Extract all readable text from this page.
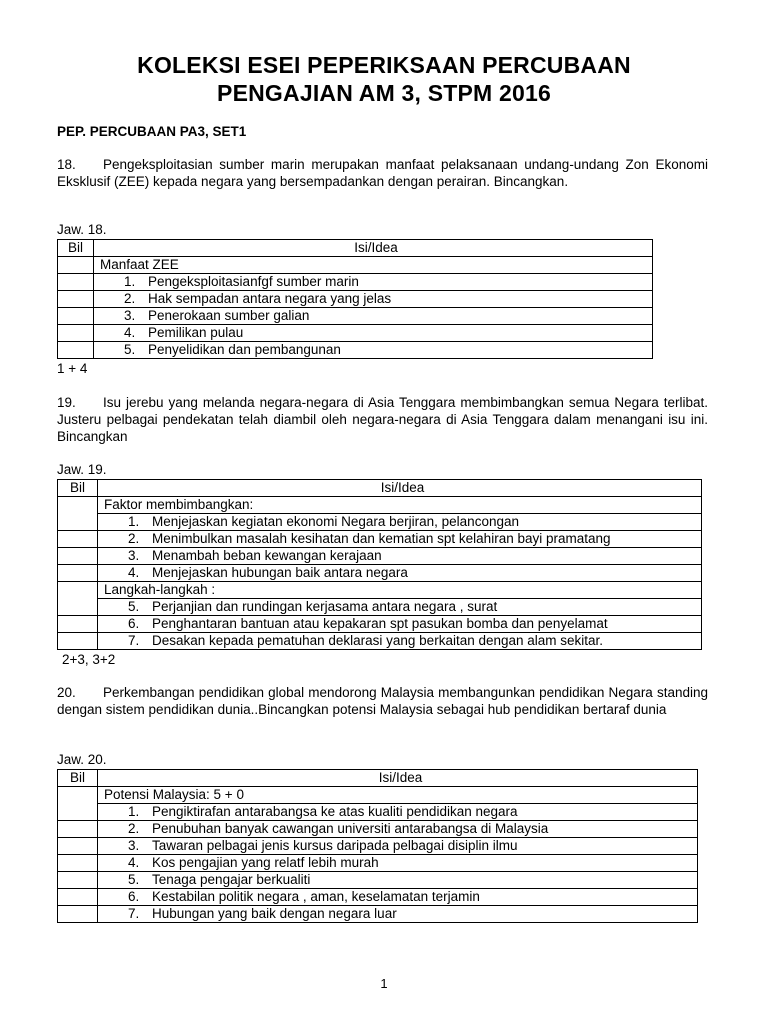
KOLEKSI ESEI PEPERIKSAAN PERCUBAAN
PENGAJIAN AM 3, STPM 2016
PEP. PERCUBAAN PA3, SET1
18. Pengeksploitasian sumber marin merupakan manfaat pelaksanaan undang-undang Zon Ekonomi Eksklusif (ZEE) kepada negara yang bersempadankan dengan perairan. Bincangkan.
Jaw. 18.
Bil	Isi/Idea
	Manfaat ZEE
	1. Pengeksploitasianfgf sumber marin
	2. Hak sempadan antara negara yang jelas
	3. Penerokaan sumber galian
	4. Pemilikan pulau
	5. Penyelidikan dan pembangunan
1 + 4
19. Isu jerebu yang melanda negara-negara di Asia Tenggara membimbangkan semua Negara terlibat. Justeru pelbagai pendekatan telah diambil oleh negara-negara di Asia Tenggara dalam menangani isu ini. Bincangkan
Jaw. 19.
Bil	Isi/Idea
	Faktor membimbangkan:
	1. Menjejaskan kegiatan ekonomi Negara berjiran, pelancongan
	2. Menimbulkan masalah kesihatan dan kematian spt kelahiran bayi pramatang
	3. Menambah beban kewangan kerajaan
	4. Menjejaskan hubungan baik antara negara
	Langkah-langkah :
	5. Perjanjian dan rundingan kerjasama antara negara , surat
	6. Penghantaran bantuan atau kepakaran spt pasukan bomba dan penyelamat
	7. Desakan kepada pematuhan deklarasi yang berkaitan dengan alam sekitar.
2+3, 3+2
20. Perkembangan pendidikan global mendorong Malaysia membangunkan pendidikan Negara standing dengan sistem pendidikan dunia..Bincangkan potensi Malaysia sebagai hub pendidikan bertaraf dunia
Jaw. 20.
Bil	Isi/Idea
	Potensi Malaysia: 5 + 0
	1. Pengiktirafan antarabangsa ke atas kualiti pendidikan negara
	2. Penubuhan banyak cawangan universiti antarabangsa di Malaysia
	3. Tawaran pelbagai jenis kursus daripada pelbagai disiplin ilmu
	4. Kos pengajian yang relatf lebih murah
	5. Tenaga pengajar berkualiti
	6. Kestabilan politik negara , aman, keselamatan terjamin
	7. Hubungan yang baik dengan negara luar
1
